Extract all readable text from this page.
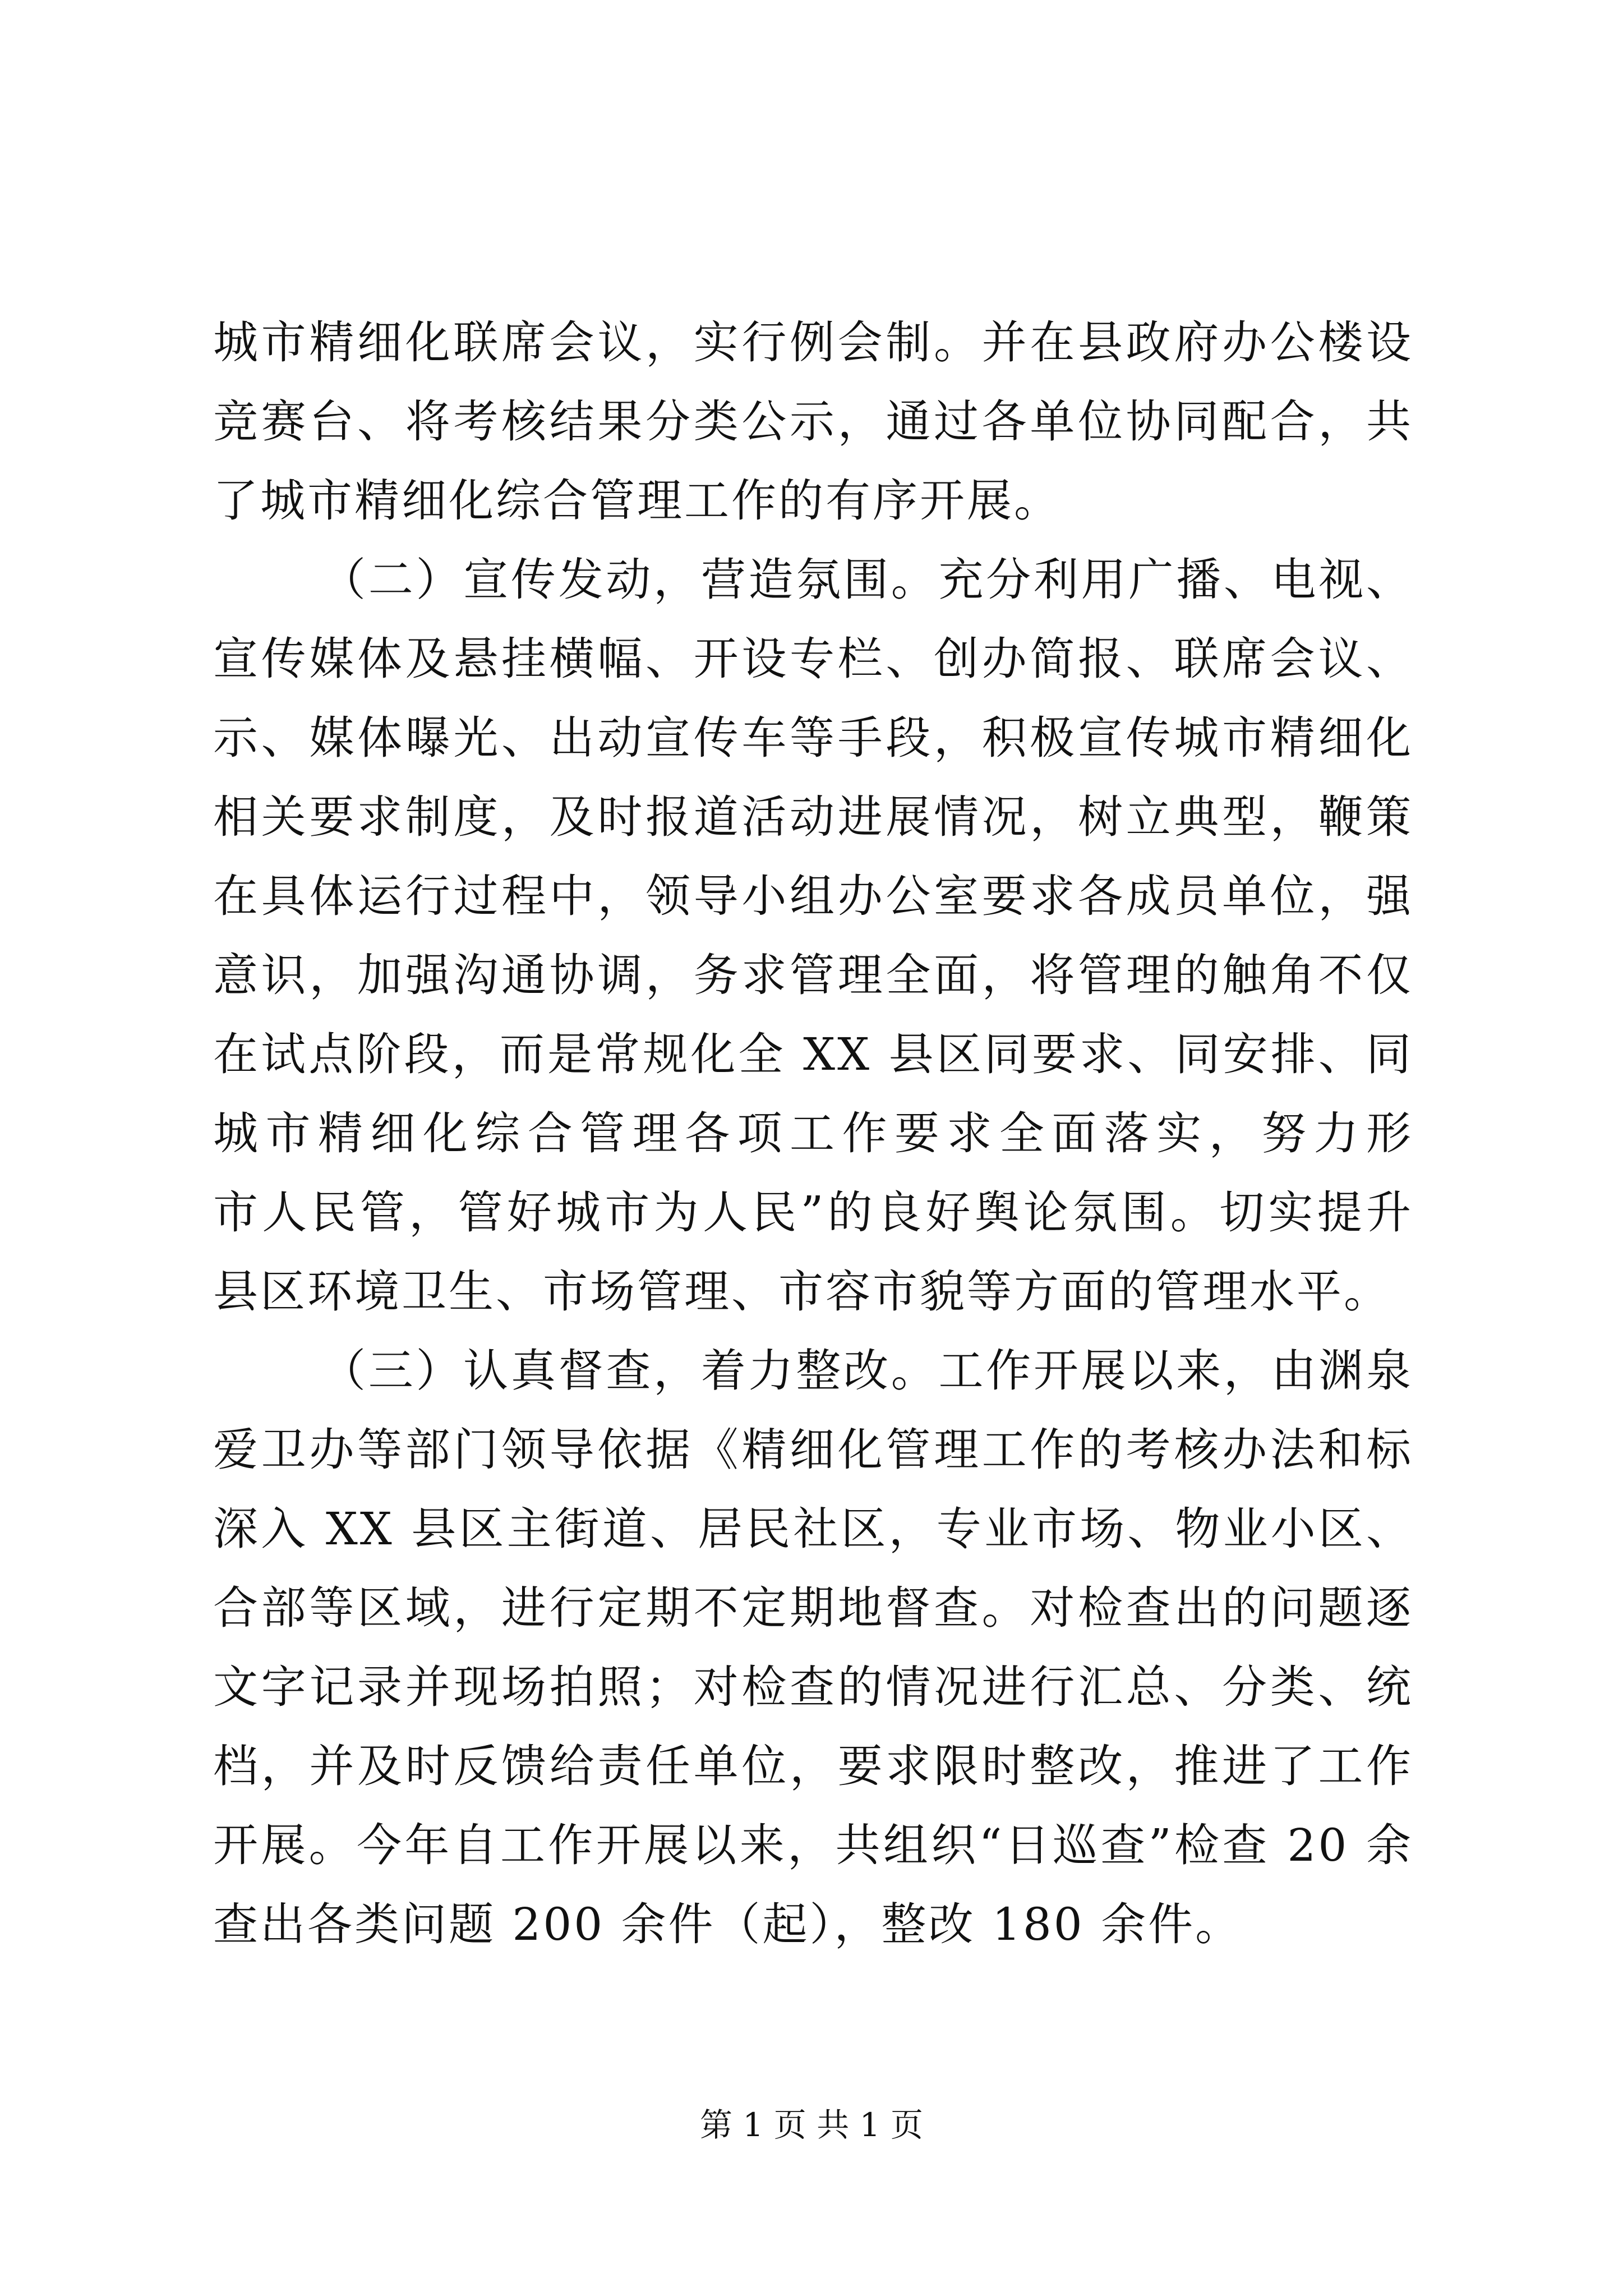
城市精细化联席会议，实行例会制。并在县政府办公楼设
竞赛台、将考核结果分类公示，通过各单位协同配合，共
了城市精细化综合管理工作的有序开展。
（二）宣传发动，营造氛围。充分利用广播、电视、
宣传媒体及悬挂横幅、开设专栏、创办简报、联席会议、
示、媒体曝光、出动宣传车等手段，积极宣传城市精细化
相关要求制度，及时报道活动进展情况，树立典型，鞭策
在具体运行过程中，领导小组办公室要求各成员单位，强
意识，加强沟通协调，务求管理全面，将管理的触角不仅
在试点阶段，而是常规化全 XX 县区同要求、同安排、同
城市精细化综合管理各项工作要求全面落实，努力形
市人民管，管好城市为人民”的良好舆论氛围。切实提升
县区环境卫生、市场管理、市容市貌等方面的管理水平。
（三）认真督查，着力整改。工作开展以来，由渊泉
爱卫办等部门领导依据《精细化管理工作的考核办法和标
深入 XX 县区主街道、居民社区，专业市场、物业小区、
合部等区域，进行定期不定期地督查。对检查出的问题逐
文字记录并现场拍照；对检查的情况进行汇总、分类、统
档，并及时反馈给责任单位，要求限时整改，推进了工作
开展。今年自工作开展以来，共组织“日巡查”检查 20 余
查出各类问题 200 余件（起），整改 180 余件。
第 1 页 共 1 页
